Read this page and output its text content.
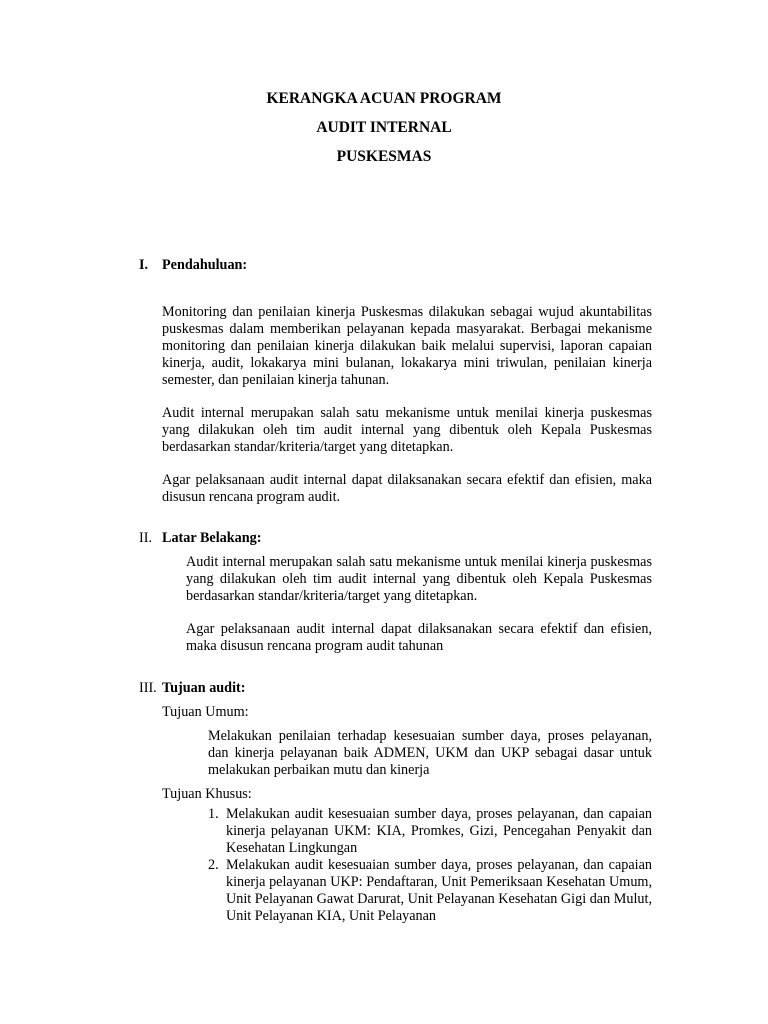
KERANGKA ACUAN PROGRAM
AUDIT INTERNAL
PUSKESMAS
I. Pendahuluan:

Monitoring dan penilaian kinerja Puskesmas dilakukan sebagai wujud akuntabilitas puskesmas dalam memberikan pelayanan kepada masyarakat. Berbagai mekanisme monitoring dan penilaian kinerja dilakukan baik melalui supervisi, laporan capaian kinerja, audit, lokakarya mini bulanan, lokakarya mini triwulan, penilaian kinerja semester, dan penilaian kinerja tahunan.

Audit internal merupakan salah satu mekanisme untuk menilai kinerja puskesmas yang dilakukan oleh tim audit internal yang dibentuk oleh Kepala Puskesmas berdasarkan standar/kriteria/target yang ditetapkan.

Agar pelaksanaan audit internal dapat dilaksanakan secara efektif dan efisien, maka disusun rencana program audit.

II. Latar Belakang:

Audit internal merupakan salah satu mekanisme untuk menilai kinerja puskesmas yang dilakukan oleh tim audit internal yang dibentuk oleh Kepala Puskesmas berdasarkan standar/kriteria/target yang ditetapkan.

Agar pelaksanaan audit internal dapat dilaksanakan secara efektif dan efisien, maka disusun rencana program audit tahunan

III. Tujuan audit:
Tujuan Umum:

Melakukan penilaian terhadap kesesuaian sumber daya, proses pelayanan, dan kinerja pelayanan baik ADMEN, UKM dan UKP sebagai dasar untuk melakukan perbaikan mutu dan kinerja

Tujuan Khusus:
1. Melakukan audit kesesuaian sumber daya, proses pelayanan, dan capaian kinerja pelayanan UKM: KIA, Promkes, Gizi, Pencegahan Penyakit dan Kesehatan Lingkungan
2. Melakukan audit kesesuaian sumber daya, proses pelayanan, dan capaian kinerja pelayanan UKP: Pendaftaran, Unit Pemeriksaan Kesehatan Umum, Unit Pelayanan Gawat Darurat, Unit Pelayanan Kesehatan Gigi dan Mulut, Unit Pelayanan KIA, Unit Pelayanan
